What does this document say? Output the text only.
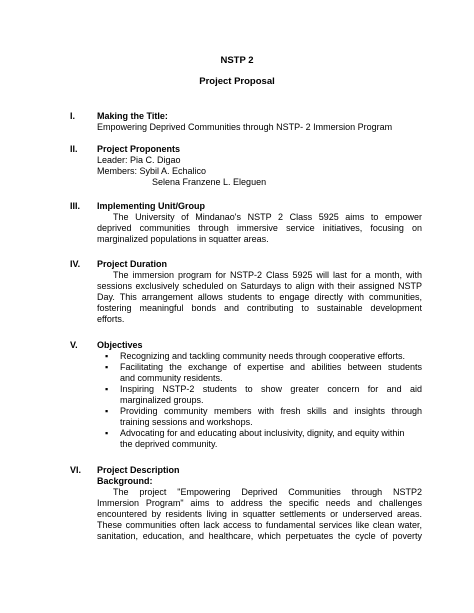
NSTP 2
Project Proposal
I. Making the Title:
Empowering Deprived Communities through NSTP- 2 Immersion Program
II. Project Proponents
Leader: Pia C. Digao
Members: Sybil A. Echalico
Selena Franzene L. Eleguen
III. Implementing Unit/Group
The University of Mindanao's NSTP 2 Class 5925 aims to empower
deprived communities through immersive service initiatives, focusing on
marginalized populations in squatter areas.
IV. Project Duration
The immersion program for NSTP-2 Class 5925 will last for a month, with
sessions exclusively scheduled on Saturdays to align with their assigned NSTP
Day. This arrangement allows students to engage directly with communities,
fostering meaningful bonds and contributing to sustainable development
efforts.
V. Objectives
▪ Recognizing and tackling community needs through cooperative efforts.
▪ Facilitating the exchange of expertise and abilities between students
and community residents.
▪ Inspiring NSTP-2 students to show greater concern for and aid
marginalized groups.
▪ Providing community members with fresh skills and insights through
training sessions and workshops.
▪ Advocating for and educating about inclusivity, dignity, and equity within
the deprived community.
VI. Project Description
Background:
The project "Empowering Deprived Communities through NSTP2
Immersion Program" aims to address the specific needs and challenges
encountered by residents living in squatter settlements or underserved areas.
These communities often lack access to fundamental services like clean water,
sanitation, education, and healthcare, which perpetuates the cycle of poverty
